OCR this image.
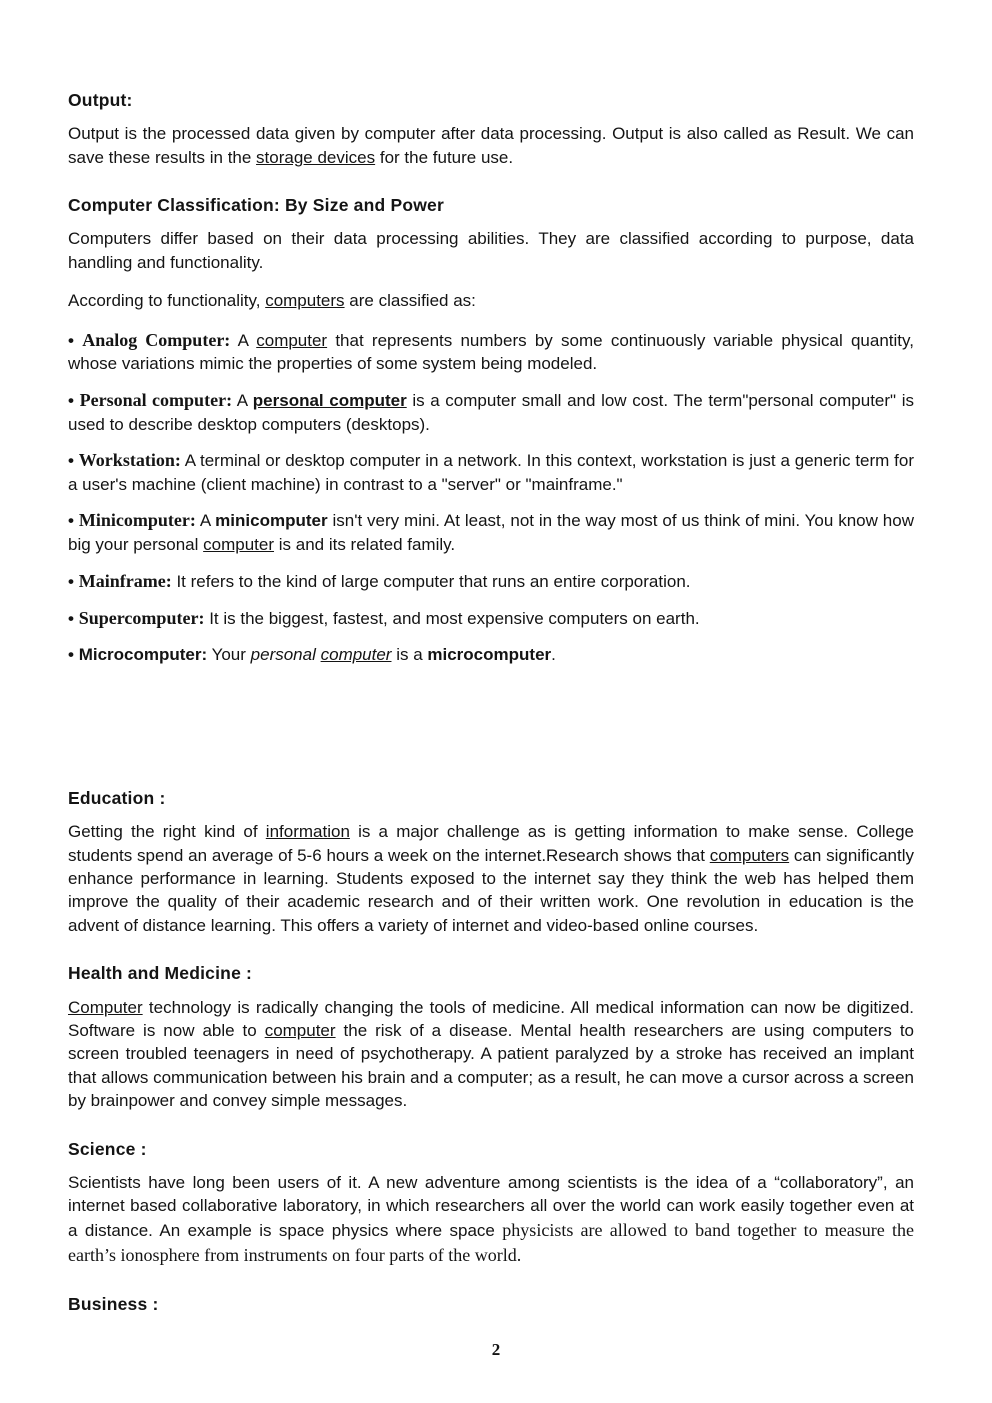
Output:

Output is the processed data given by computer after data processing. Output is also called as Result. We can save these results in the storage devices for the future use.

Computer Classification: By Size and Power

Computers differ based on their data processing abilities. They are classified according to purpose, data handling and functionality.

According to functionality, computers are classified as:

• Analog Computer: A computer that represents numbers by some continuously variable physical quantity, whose variations mimic the properties of some system being modeled.

• Personal computer: A personal computer is a computer small and low cost. The term"personal computer" is used to describe desktop computers (desktops).

• Workstation: A terminal or desktop computer in a network. In this context, workstation is just a generic term for a user's machine (client machine) in contrast to a "server" or "mainframe."

• Minicomputer: A minicomputer isn't very mini. At least, not in the way most of us think of mini. You know how big your personal computer is and its related family.

• Mainframe: It refers to the kind of large computer that runs an entire corporation.

• Supercomputer: It is the biggest, fastest, and most expensive computers on earth.

• Microcomputer: Your personal computer is a microcomputer.

Education :

Getting the right kind of information is a major challenge as is getting information to make sense. College students spend an average of 5-6 hours a week on the internet.Research shows that computers can significantly enhance performance in learning. Students exposed to the internet say they think the web has helped them improve the quality of their academic research and of their written work. One revolution in education is the advent of distance learning. This offers a variety of internet and video-based online courses.

Health and Medicine :

Computer technology is radically changing the tools of medicine. All medical information can now be digitized. Software is now able to computer the risk of a disease. Mental health researchers are using computers to screen troubled teenagers in need of psychotherapy. A patient paralyzed by a stroke has received an implant that allows communication between his brain and a computer; as a result, he can move a cursor across a screen by brainpower and convey simple messages.

Science :

Scientists have long been users of it. A new adventure among scientists is the idea of a “collaboratory”, an internet based collaborative laboratory, in which researchers all over the world can work easily together even at a distance. An example is space physics where space physicists are allowed to band together to measure the earth’s ionosphere from instruments on four parts of the world.

Business :
2
